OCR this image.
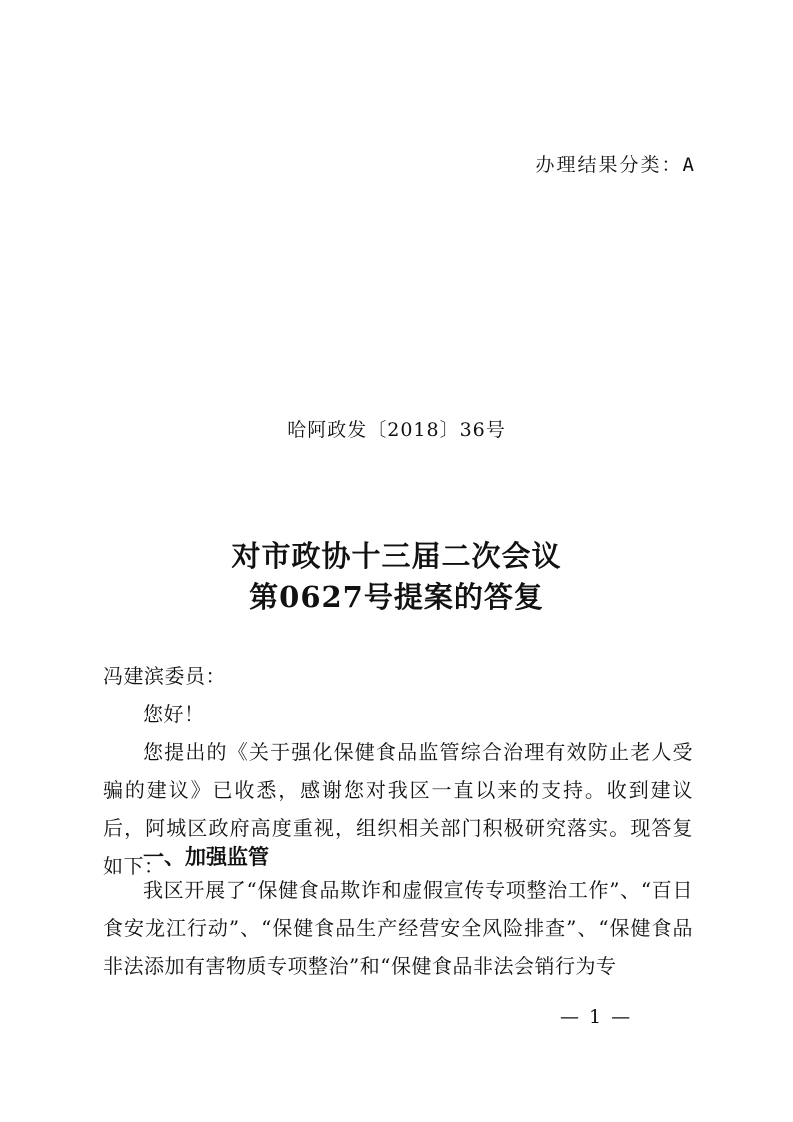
办理结果分类：A
哈阿政发〔2018〕36号
对市政协十三届二次会议
第0627号提案的答复
冯建滨委员：
您好！
您提出的《关于强化保健食品监管综合治理有效防止老人受骗的建议》已收悉，感谢您对我区一直以来的支持。收到建议后，阿城区政府高度重视，组织相关部门积极研究落实。现答复如下：
一、加强监管
我区开展了“保健食品欺诈和虚假宣传专项整治工作”、“百日食安龙江行动”、“保健食品生产经营安全风险排查”、“保健食品非法添加有害物质专项整治”和“保健食品非法会销行为专
— 1 —
